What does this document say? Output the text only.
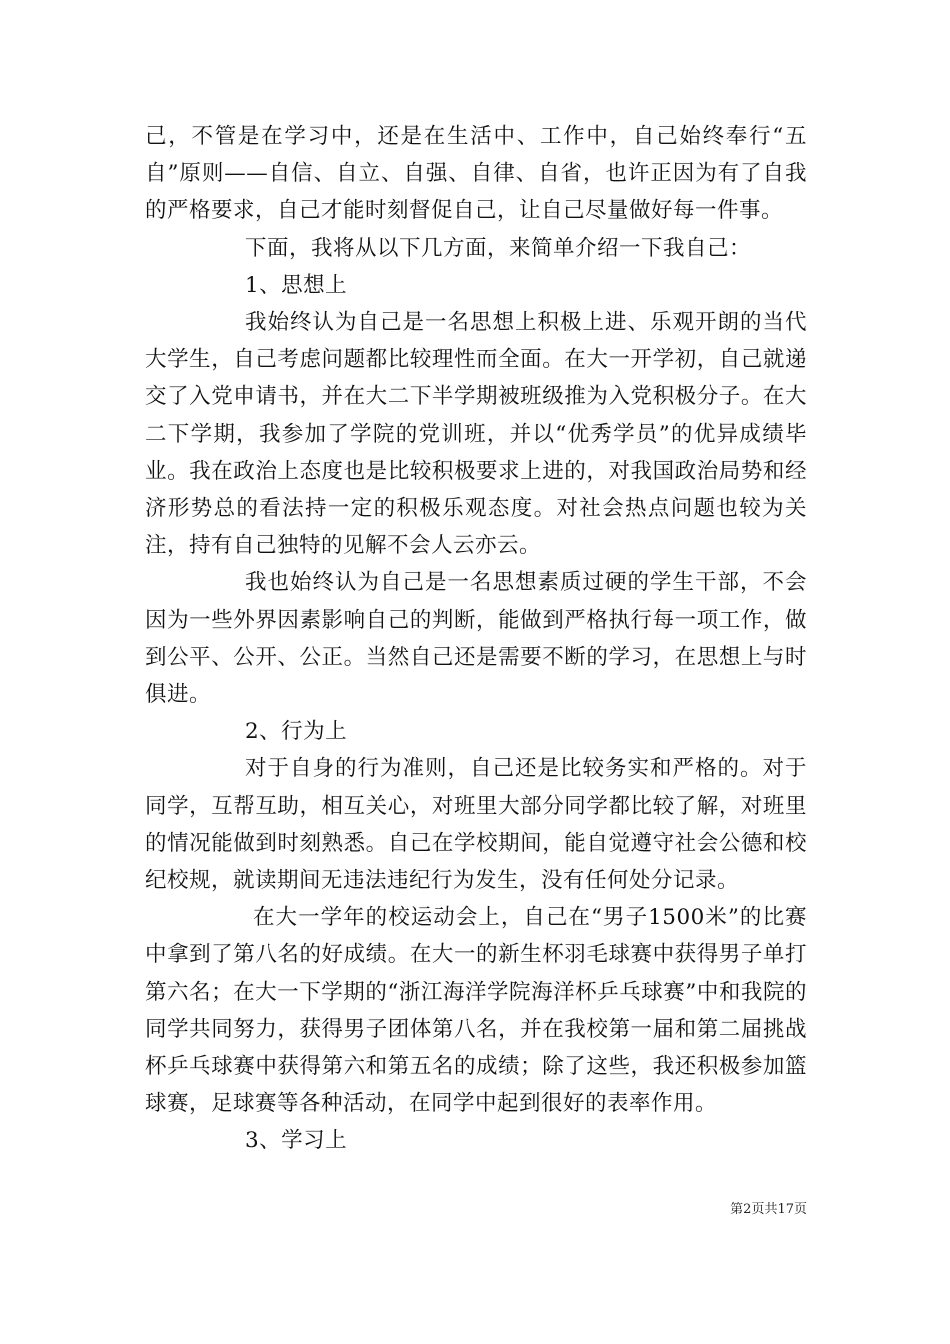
己，不管是在学习中，还是在生活中、工作中，自己始终奉行“五自”原则——自信、自立、自强、自律、自省，也许正因为有了自我的严格要求，自己才能时刻督促自己，让自己尽量做好每一件事。

下面，我将从以下几方面，来简单介绍一下我自己：

1、思想上

我始终认为自己是一名思想上积极上进、乐观开朗的当代大学生，自己考虑问题都比较理性而全面。在大一开学初，自己就递交了入党申请书，并在大二下半学期被班级推为入党积极分子。在大二下学期，我参加了学院的党训班，并以“优秀学员”的优异成绩毕业。我在政治上态度也是比较积极要求上进的，对我国政治局势和经济形势总的看法持一定的积极乐观态度。对社会热点问题也较为关注，持有自己独特的见解不会人云亦云。

我也始终认为自己是一名思想素质过硬的学生干部，不会因为一些外界因素影响自己的判断，能做到严格执行每一项工作，做到公平、公开、公正。当然自己还是需要不断的学习，在思想上与时俱进。

2、行为上

对于自身的行为准则，自己还是比较务实和严格的。对于同学，互帮互助，相互关心，对班里大部分同学都比较了解，对班里的情况能做到时刻熟悉。自己在学校期间，能自觉遵守社会公德和校纪校规，就读期间无违法违纪行为发生，没有任何处分记录。

在大一学年的校运动会上，自己在“男子1500米”的比赛中拿到了第八名的好成绩。在大一的新生杯羽毛球赛中获得男子单打第六名；在大一下学期的“浙江海洋学院海洋杯乒乓球赛”中和我院的同学共同努力，获得男子团体第八名，并在我校第一届和第二届挑战杯乒乓球赛中获得第六和第五名的成绩；除了这些，我还积极参加篮球赛，足球赛等各种活动，在同学中起到很好的表率作用。

3、学习上

第2页共17页
